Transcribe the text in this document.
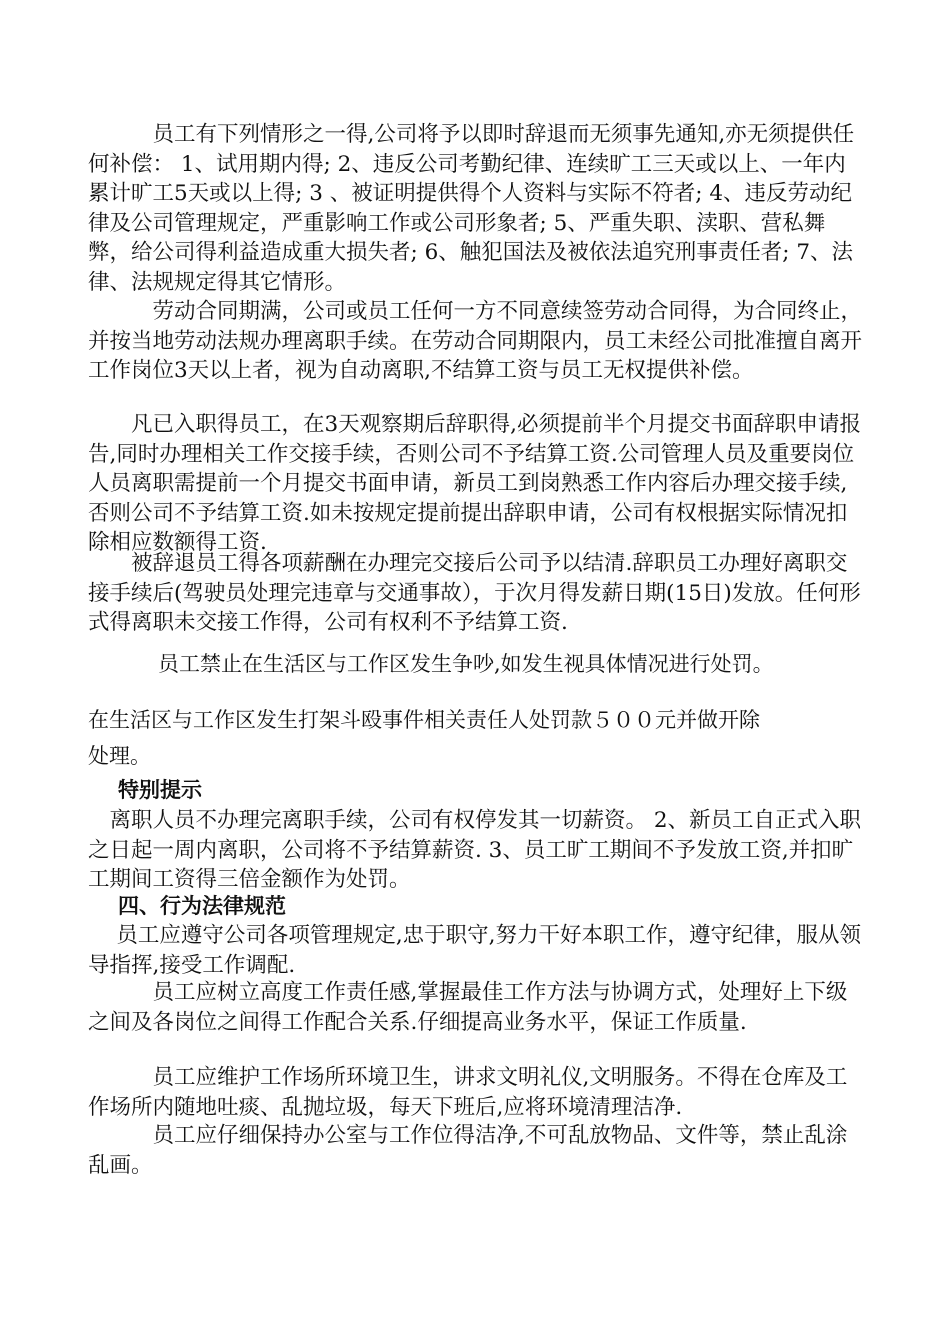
　　　员工有下列情形之一得,公司将予以即时辞退而无须事先通知,亦无须提供任何补偿： 1、试用期内得; 2、违反公司考勤纪律、连续旷工三天或以上、一年内累计旷工5天或以上得; 3 、被证明提供得个人资料与实际不符者; 4、违反劳动纪律及公司管理规定，严重影响工作或公司形象者; 5、严重失职、渎职、营私舞弊，给公司得利益造成重大损失者; 6、触犯国法及被依法追究刑事责任者; 7、法律、法规规定得其它情形。

　　　劳动合同期满，公司或员工任何一方不同意续签劳动合同得，为合同终止，并按当地劳动法规办理离职手续。在劳动合同期限内，员工未经公司批准擅自离开工作岗位3天以上者，视为自动离职,不结算工资与员工无权提供补偿。

　　凡已入职得员工，在3天观察期后辞职得,必须提前半个月提交书面辞职申请报告,同时办理相关工作交接手续，否则公司不予结算工资.公司管理人员及重要岗位人员离职需提前一个月提交书面申请，新员工到岗熟悉工作内容后办理交接手续,否则公司不予结算工资.如未按规定提前提出辞职申请，公司有权根据实际情况扣除相应数额得工资.

　　被辞退员工得各项薪酬在办理完交接后公司予以结清.辞职员工办理好离职交接手续后(驾驶员处理完违章与交通事故），于次月得发薪日期(15日)发放。任何形式得离职未交接工作得，公司有权利不予结算工资.

员工禁止在生活区与工作区发生争吵,如发生视具体情况进行处罚。

在生活区与工作区发生打架斗殴事件相关责任人处罚款５００元并做开除

处理。

特别提示

　离职人员不办理完离职手续，公司有权停发其一切薪资。 2、新员工自正式入职之日起一周内离职，公司将不予结算薪资. 3、员工旷工期间不予发放工资,并扣旷工期间工资得三倍金额作为处罚。

四、行为法律规范

　 员工应遵守公司各项管理规定,忠于职守,努力干好本职工作，遵守纪律，服从领导指挥,接受工作调配.

　　　员工应树立高度工作责任感,掌握最佳工作方法与协调方式，处理好上下级之间及各岗位之间得工作配合关系.仔细提高业务水平，保证工作质量.

　　　员工应维护工作场所环境卫生，讲求文明礼仪,文明服务。不得在仓库及工作场所内随地吐痰、乱抛垃圾，每天下班后,应将环境清理洁净.

　　　员工应仔细保持办公室与工作位得洁净,不可乱放物品、文件等，禁止乱涂乱画。
